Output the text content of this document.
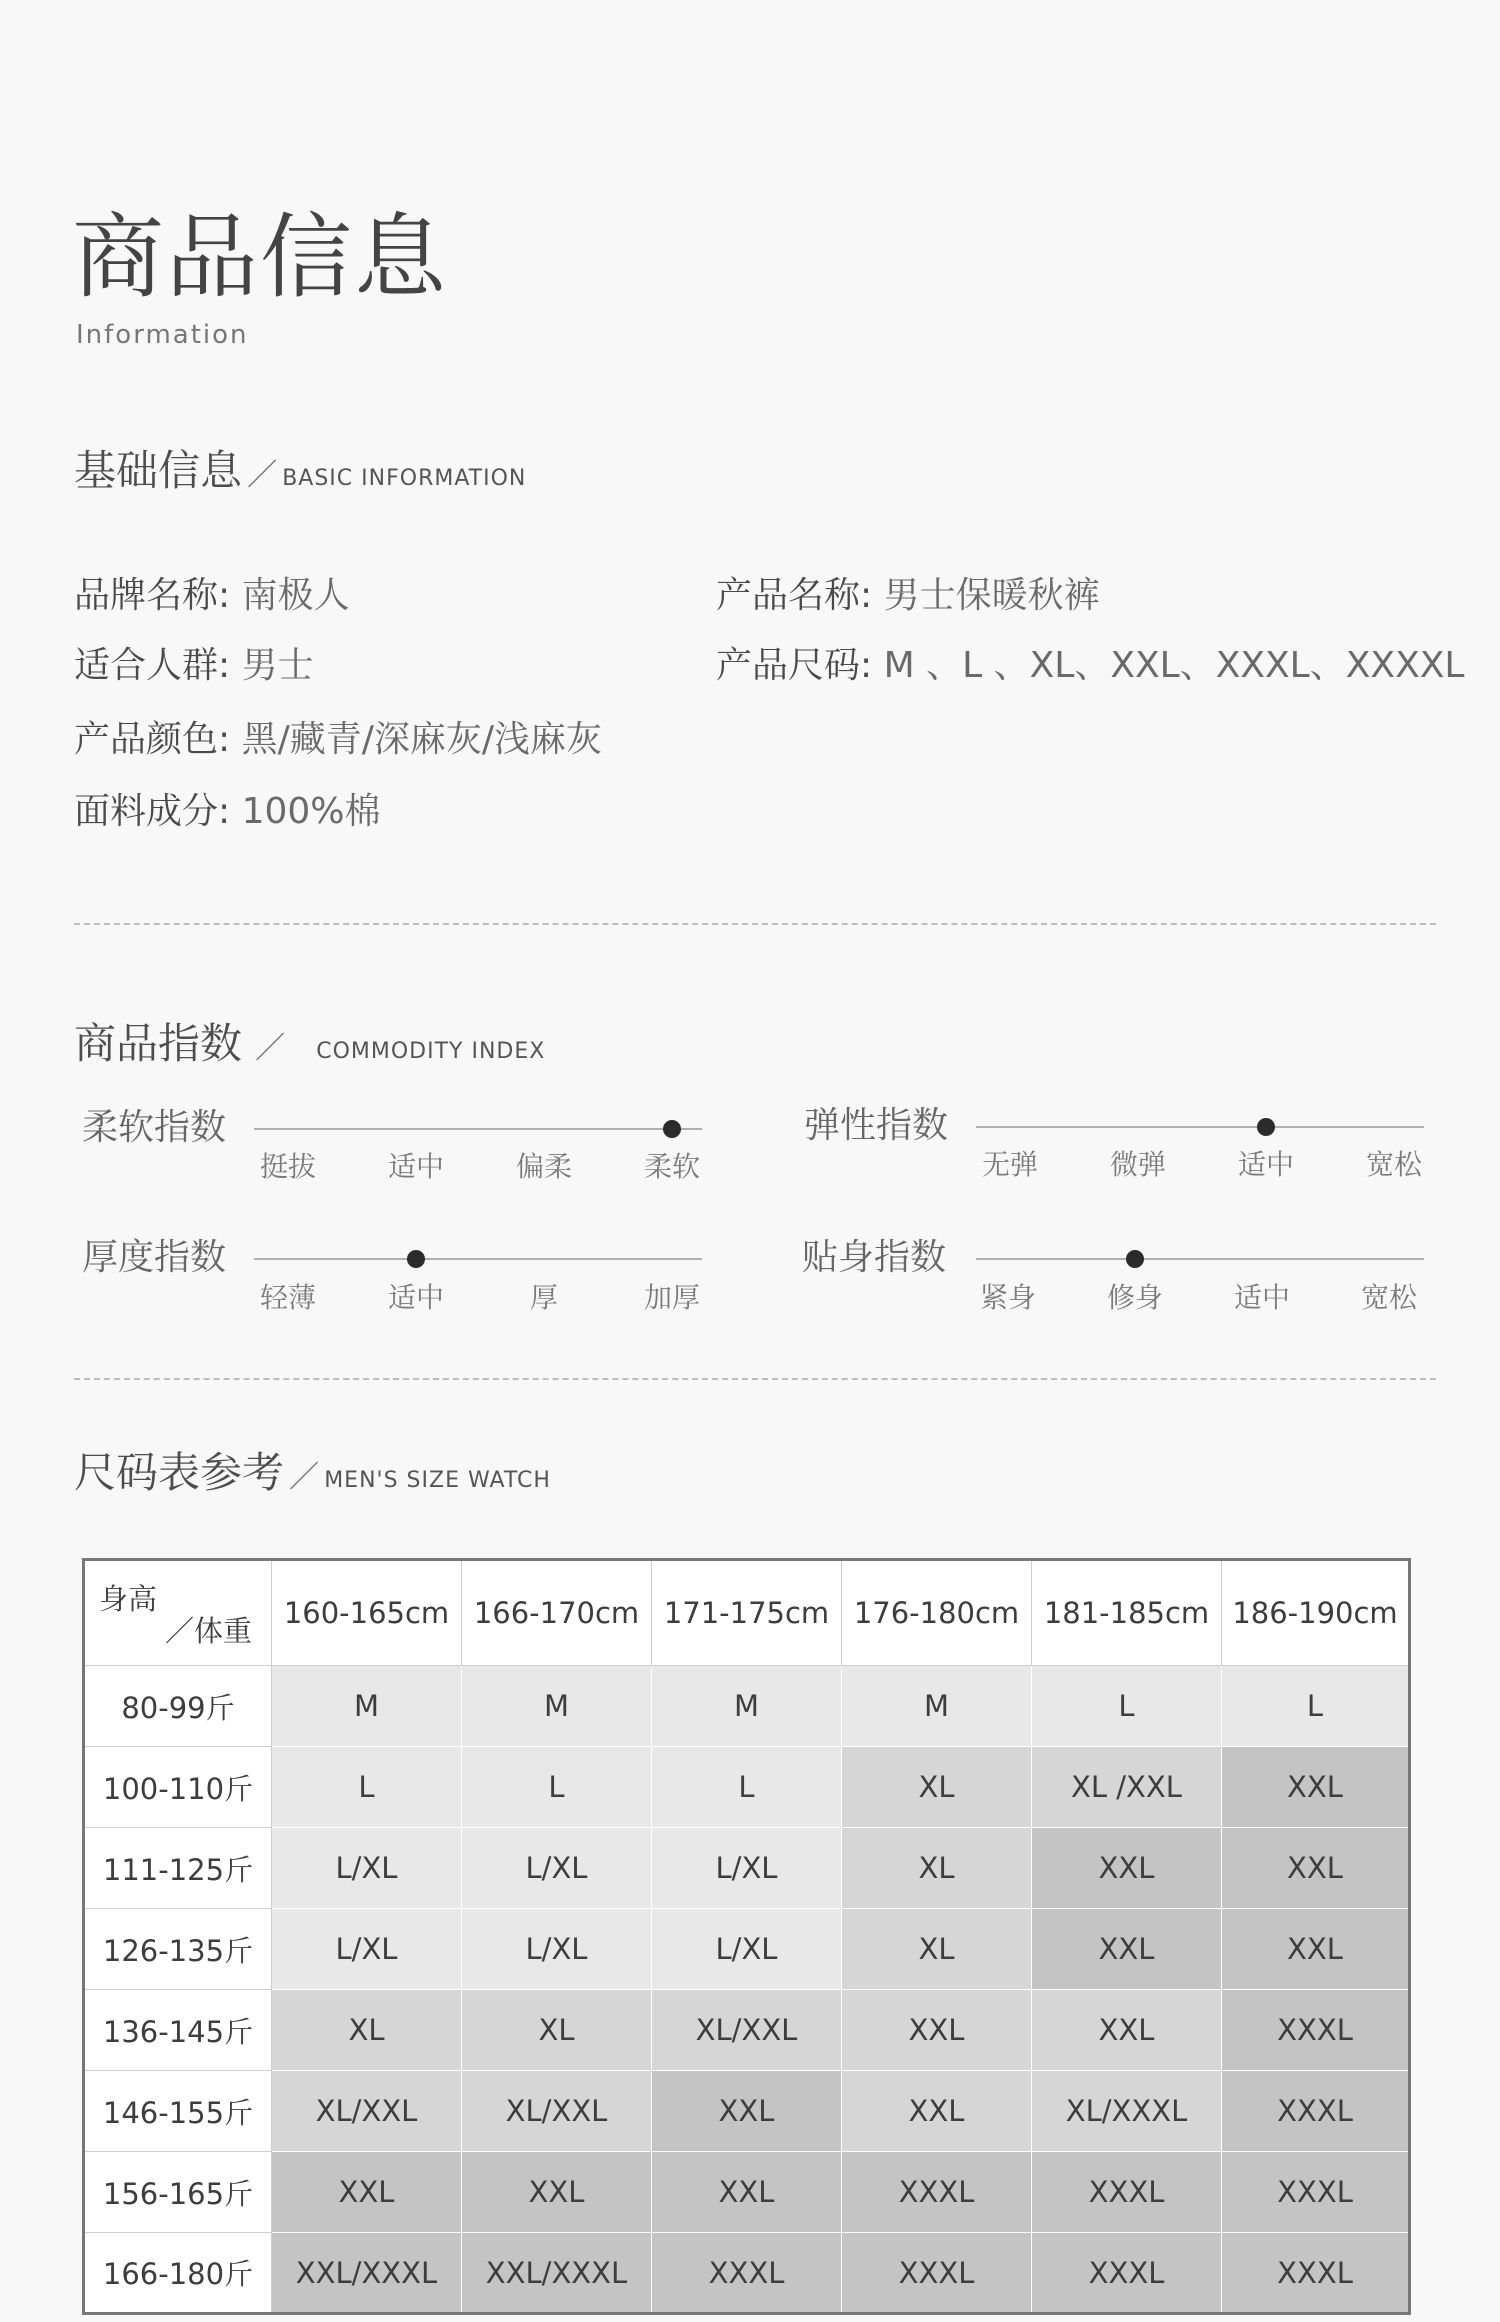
商品信息
Information
基础信息 ／ BASIC INFORMATION
品牌名称: 南极人	产品名称: 男士保暖秋裤
适合人群: 男士	产品尺码: M 、L 、XL、XXL、XXXL、XXXXL
产品颜色: 黑/藏青/深麻灰/浅麻灰
面料成分: 100%棉
商品指数 ／ COMMODITY INDEX
柔软指数
挺拔	适中	偏柔	柔软
弹性指数
无弹	微弹	适中	宽松
厚度指数
轻薄	适中	厚	加厚
贴身指数
紧身	修身	适中	宽松
尺码表参考 ／ MEN'S SIZE WATCH
身高
／体重	160-165cm	166-170cm	171-175cm	176-180cm	181-185cm	186-190cm
80-99斤	M	M	M	M	L	L
100-110斤	L	L	L	XL	XL /XXL	XXL
111-125斤	L/XL	L/XL	L/XL	XL	XXL	XXL
126-135斤	L/XL	L/XL	L/XL	XL	XXL	XXL
136-145斤	XL	XL	XL/XXL	XXL	XXL	XXXL
146-155斤	XL/XXL	XL/XXL	XXL	XXL	XL/XXXL	XXXL
156-165斤	XXL	XXL	XXL	XXXL	XXXL	XXXL
166-180斤	XXL/XXXL	XXL/XXXL	XXXL	XXXL	XXXL	XXXL
